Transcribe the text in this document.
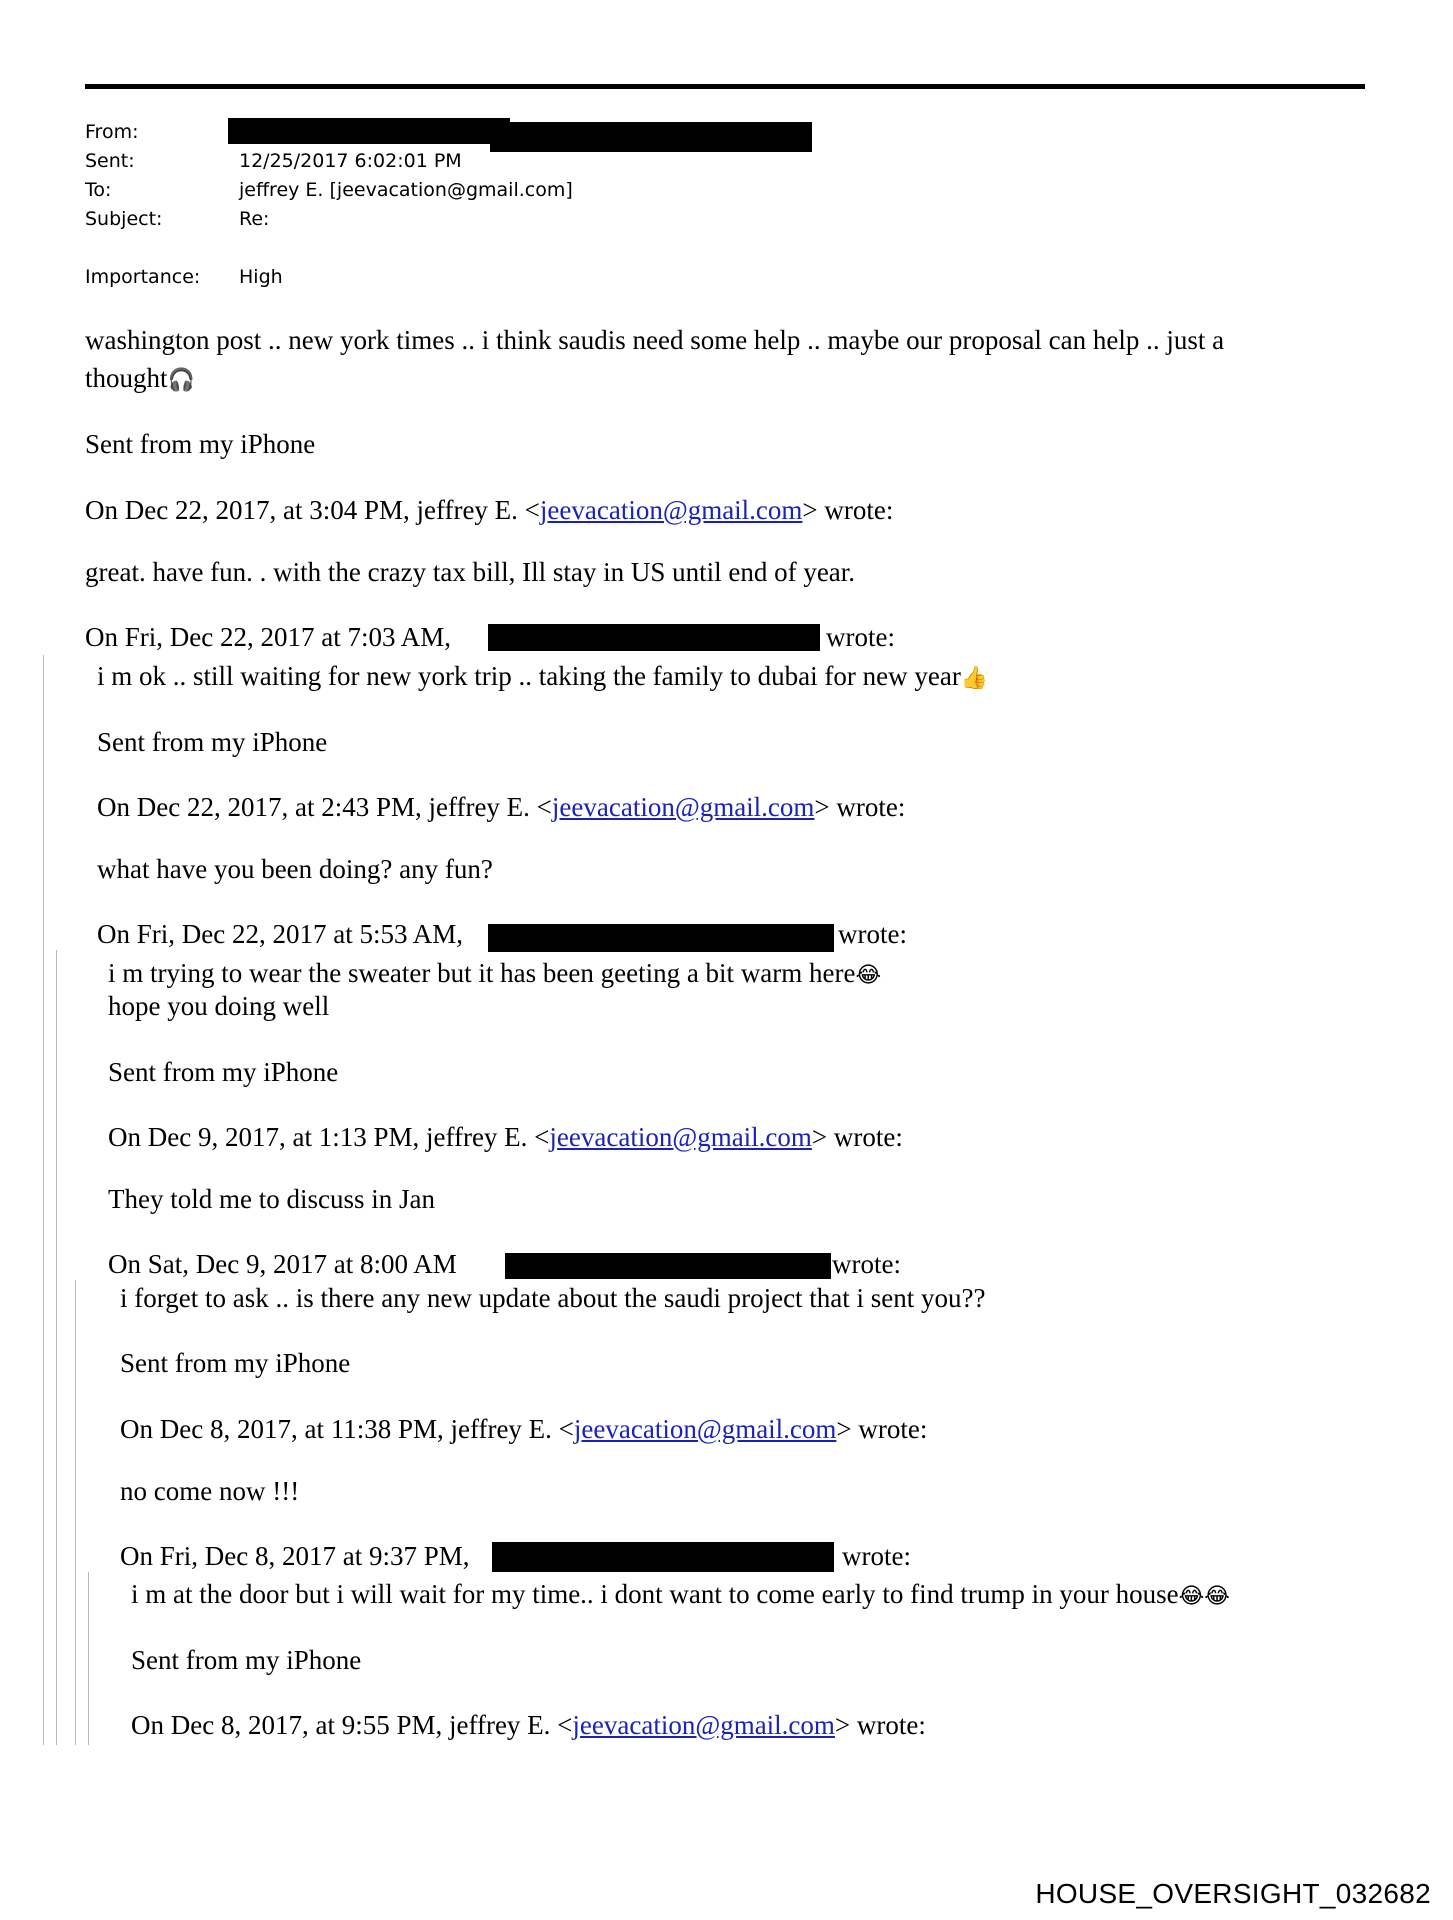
From:
Sent:	12/25/2017 6:02:01 PM
To:	jeffrey E. [jeevacation@gmail.com]
Subject:	Re:
Importance:	High
washington post .. new york times .. i think saudis need some help .. maybe our proposal can help .. just a
thought🎧
Sent from my iPhone
On Dec 22, 2017, at 3:04 PM, jeffrey E. <jeevacation@gmail.com> wrote:
great. have fun. . with the crazy tax bill, Ill stay in US until end of year.
On Fri, Dec 22, 2017 at 7:03 AM,	wrote:
i m ok .. still waiting for new york trip .. taking the family to dubai for new year👍
Sent from my iPhone
On Dec 22, 2017, at 2:43 PM, jeffrey E. <jeevacation@gmail.com> wrote:
what have you been doing? any fun?
On Fri, Dec 22, 2017 at 5:53 AM,	wrote:
i m trying to wear the sweater but it has been geeting a bit warm here😂
hope you doing well
Sent from my iPhone
On Dec 9, 2017, at 1:13 PM, jeffrey E. <jeevacation@gmail.com> wrote:
They told me to discuss in Jan
On Sat, Dec 9, 2017 at 8:00 AM	wrote:
i forget to ask .. is there any new update about the saudi project that i sent you??
Sent from my iPhone
On Dec 8, 2017, at 11:38 PM, jeffrey E. <jeevacation@gmail.com> wrote:
no come now !!!
On Fri, Dec 8, 2017 at 9:37 PM,	wrote:
i m at the door but i will wait for my time.. i dont want to come early to find trump in your house😂😂
Sent from my iPhone
On Dec 8, 2017, at 9:55 PM, jeffrey E. <jeevacation@gmail.com> wrote:
HOUSE_OVERSIGHT_032682
